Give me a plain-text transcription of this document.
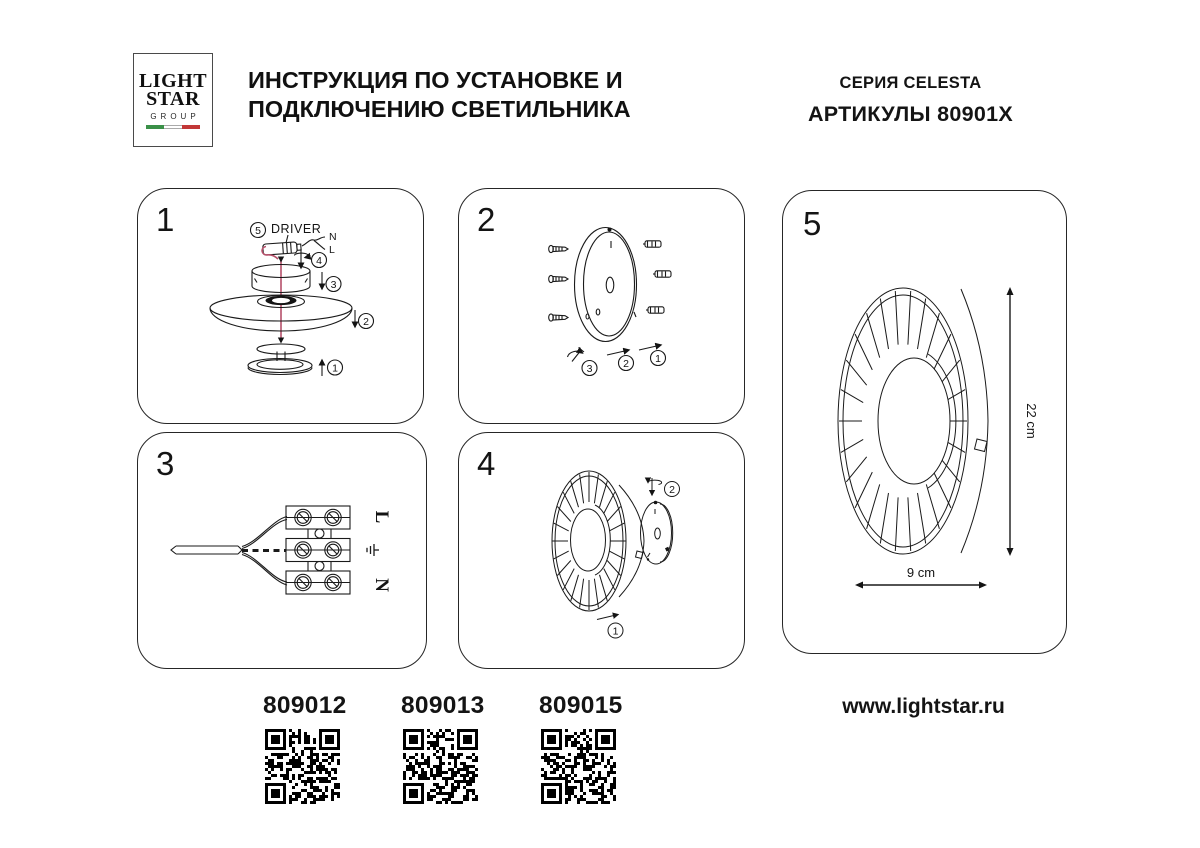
LIGHT
STAR
GROUP
ИНСТРУКЦИЯ ПО УСТАНОВКЕ И
ПОДКЛЮЧЕНИЮ СВЕТИЛЬНИКА
СЕРИЯ CELESTA
АРТИКУЛЫ 80901X
1	DRIVER
N
L
4
3
2
1
5	2
3	2 1
3
L
N
4
2
1
5
22 cm
9 cm
809012 809013 809015	www.lightstar.ru
